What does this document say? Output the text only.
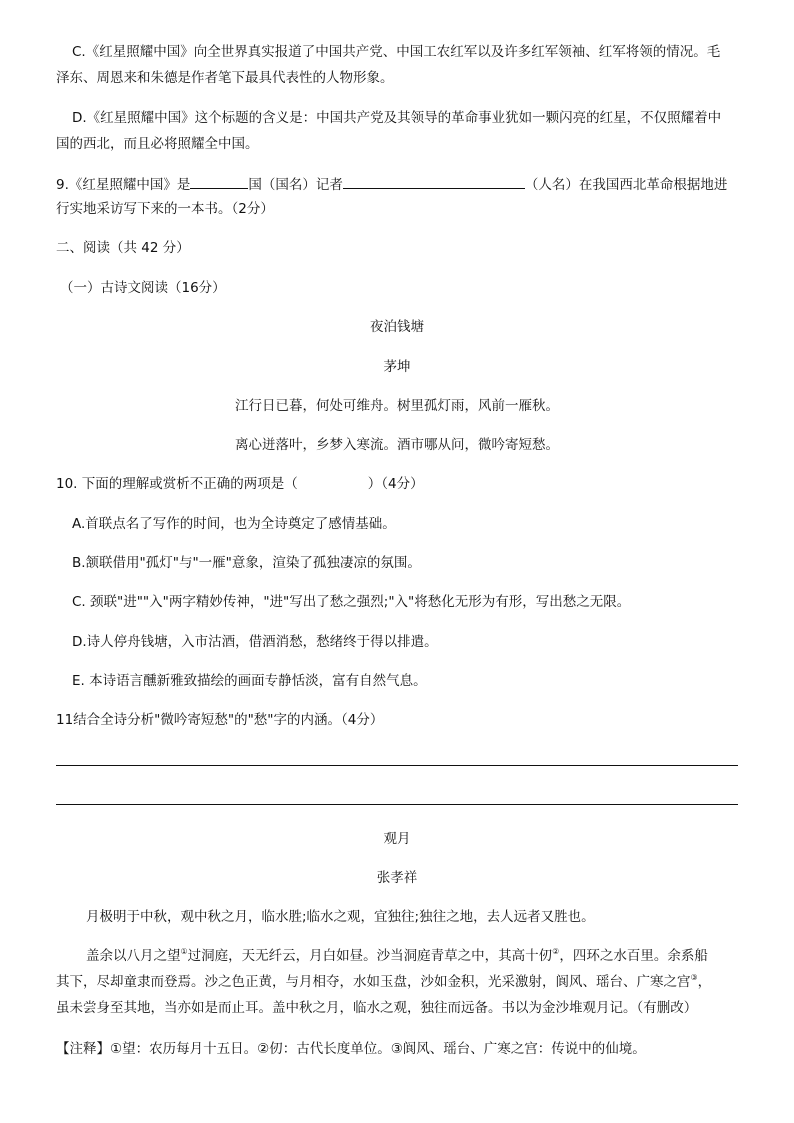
C.《红星照耀中国》向全世界真实报道了中国共产党、中国工农红军以及许多红军领袖、红军将领的情况。毛
泽东、周恩来和朱德是作者笔下最具代表性的人物形象。
D.《红星照耀中国》这个标题的含义是：中国共产党及其领导的革命事业犹如一颗闪亮的红星，不仅照耀着中
国的西北，而且必将照耀全中国。
9.《红星照耀中国》是	国（国名）记者	（人名）在我国西北革命根据地进
行实地采访写下来的一本书。（2分）
二、阅读（共 42 分）
（一）古诗文阅读（16分）
夜泊钱塘
茅坤
江行日已暮，何处可维舟。树里孤灯雨，风前一雁秋。
离心迸落叶，乡梦入寒流。酒市哪从问，微吟寄短愁。
10. 下面的理解或赏析不正确的两项是（	）（4分）
A.首联点名了写作的时间，也为全诗奠定了感情基础。
B.颔联借用"孤灯"与"一雁"意象，渲染了孤独凄凉的氛围。
C. 颈联"进""入"两字精妙传神，"进"写出了愁之强烈;"入"将愁化无形为有形，写出愁之无限。
D.诗人停舟钱塘，入市沽酒，借酒消愁，愁绪终于得以排遣。
E. 本诗语言醺新雅致描绘的画面专静恬淡，富有自然气息。
11结合全诗分析"微吟寄短愁"的"愁"字的内涵。（4分）
观月
张孝祥
月极明于中秋，观中秋之月，临水胜;临水之观，宜独往;独往之地，去人远者又胜也。
盖余以八月之望①过洞庭，天无纤云，月白如昼。沙当洞庭青草之中，其高十仞②，四环之水百里。余系船
其下，尽却童隶而登焉。沙之色正黄，与月相夺，水如玉盘，沙如金积，光采激射，阆风、瑶台、广寒之宫③，
虽未尝身至其地，当亦如是而止耳。盖中秋之月，临水之观，独往而远备。书以为金沙堆观月记。（有删改）
【注释】①望：农历每月十五日。②仞：古代长度单位。③阆风、瑶台、广寒之宫：传说中的仙境。
